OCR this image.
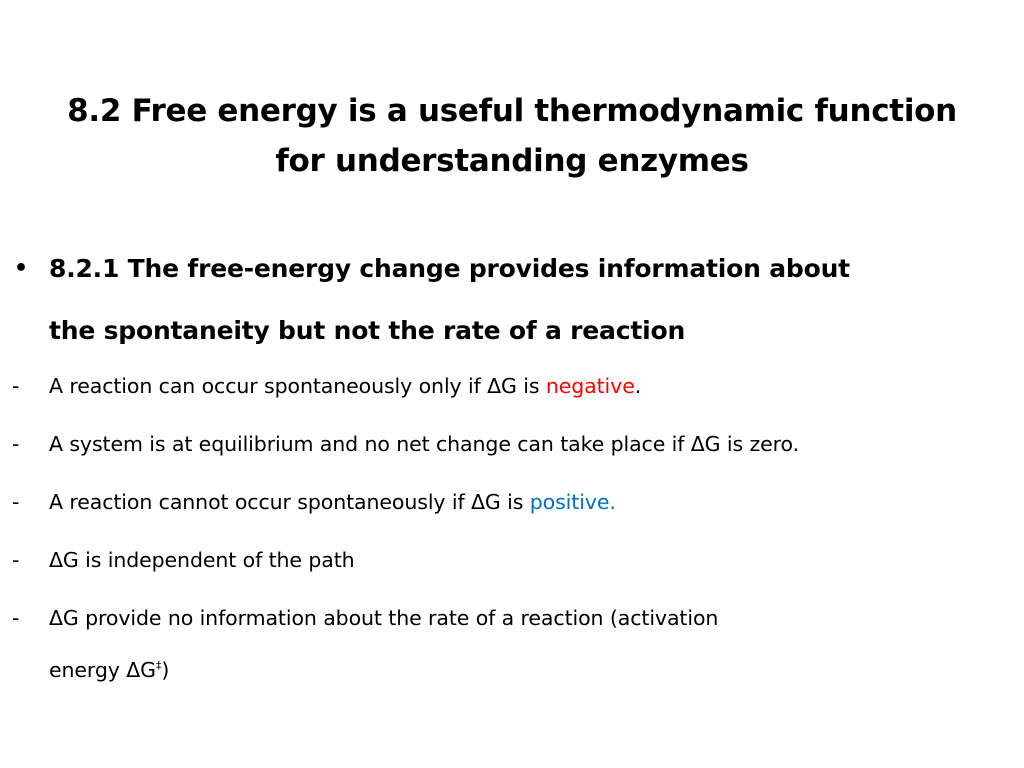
8.2 Free energy is a useful thermodynamic function
for understanding enzymes
• 8.2.1 The free-energy change provides information about
the spontaneity but not the rate of a reaction
- A reaction can occur spontaneously only if ΔG is negative.
- A system is at equilibrium and no net change can take place if ΔG is zero.
- A reaction cannot occur spontaneously if ΔG is positive.
- ΔG is independent of the path
- ΔG provide no information about the rate of a reaction (activation
energy ΔG‡)
